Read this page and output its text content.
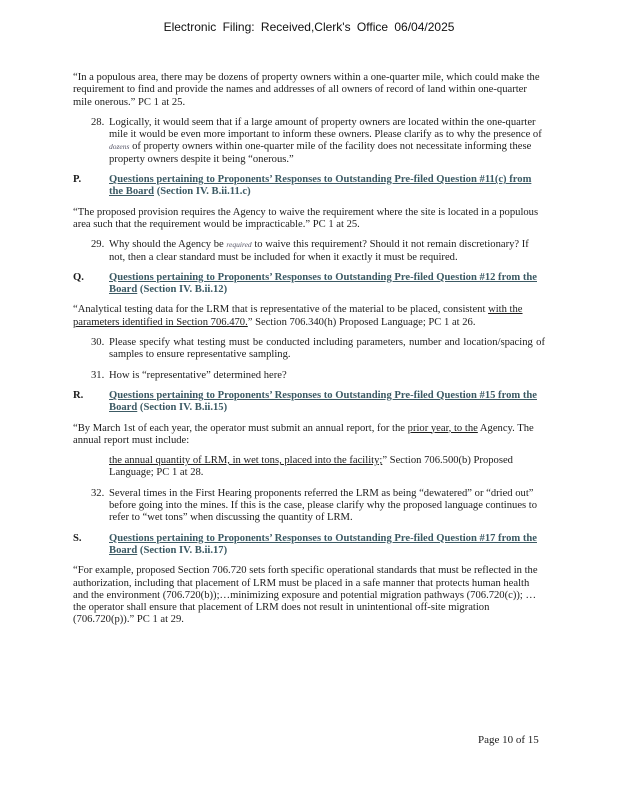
Electronic Filing: Received,Clerk's Office 06/04/2025

“In a populous area, there may be dozens of property owners within a one-quarter mile, which could make the requirement to find and provide the names and addresses of all owners of record of land within one-quarter mile onerous.” PC 1 at 25.

28. Logically, it would seem that if a large amount of property owners are located within the one-quarter mile it would be even more important to inform these owners. Please clarify as to why the presence of dozens of property owners within one-quarter mile of the facility does not necessitate informing these property owners despite it being “onerous.”
P.	Questions pertaining to Proponents’ Responses to Outstanding Pre-filed Question #11(c) from the Board (Section IV. B.ii.11.c)

“The proposed provision requires the Agency to waive the requirement where the site is located in a populous area such that the requirement would be impracticable.” PC 1 at 25.

29. Why should the Agency be required to waive this requirement? Should it not remain discretionary? If not, then a clear standard must be included for when it exactly it must be required.
Q.	Questions pertaining to Proponents’ Responses to Outstanding Pre-filed Question #12 from the Board (Section IV. B.ii.12)

“Analytical testing data for the LRM that is representative of the material to be placed, consistent with the parameters identified in Section 706.470.” Section 706.340(h) Proposed Language; PC 1 at 26.

30. Please specify what testing must be conducted including parameters, number and location/spacing of samples to ensure representative sampling.
31. How is “representative” determined here?
R.	Questions pertaining to Proponents’ Responses to Outstanding Pre-filed Question #15 from the Board (Section IV. B.ii.15)

“By March 1st of each year, the operator must submit an annual report, for the prior year, to the Agency. The annual report must include:

the annual quantity of LRM, in wet tons, placed into the facility;” Section 706.500(b) Proposed Language; PC 1 at 28.

32. Several times in the First Hearing proponents referred the LRM as being “dewatered” or “dried out” before going into the mines. If this is the case, please clarify why the proposed language continues to refer to “wet tons” when discussing the quantity of LRM.
S.	Questions pertaining to Proponents’ Responses to Outstanding Pre-filed Question #17 from the Board (Section IV. B.ii.17)

“For example, proposed Section 706.720 sets forth specific operational standards that must be reflected in the authorization, including that placement of LRM must be placed in a safe manner that protects human health and the environment (706.720(b));…minimizing exposure and potential migration pathways (706.720(c)); …the operator shall ensure that placement of LRM does not result in unintentional off-site migration (706.720(p)).” PC 1 at 29.

Page 10 of 15
